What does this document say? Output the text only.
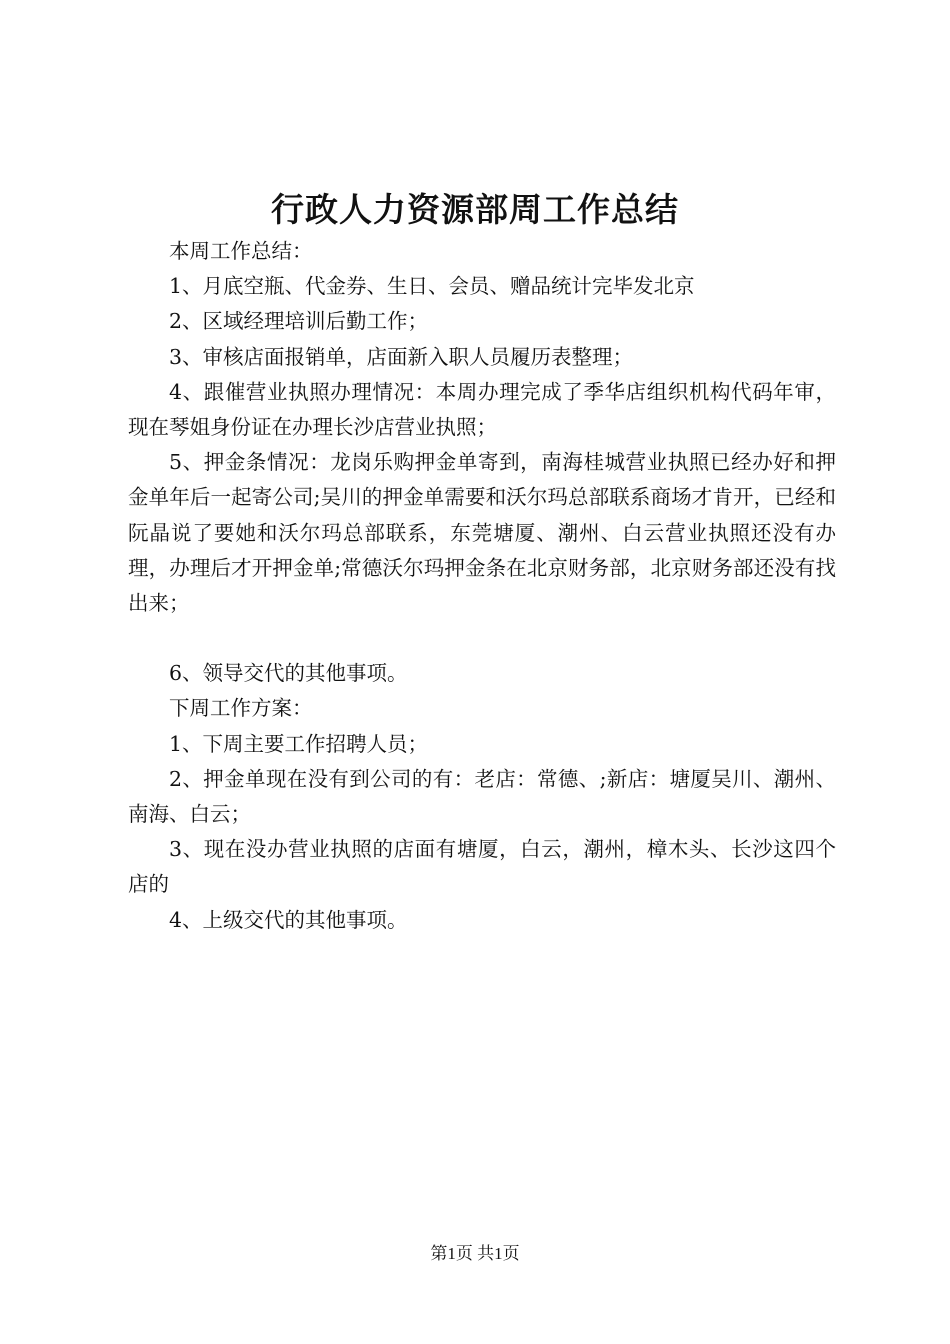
行政人力资源部周工作总结

本周工作总结：

1、月底空瓶、代金券、生日、会员、赠品统计完毕发北京

2、区域经理培训后勤工作；

3、审核店面报销单，店面新入职人员履历表整理；

4、跟催营业执照办理情况：本周办理完成了季华店组织机构代码年审，现在琴姐身份证在办理长沙店营业执照；

5、押金条情况：龙岗乐购押金单寄到，南海桂城营业执照已经办好和押金单年后一起寄公司;吴川的押金单需要和沃尔玛总部联系商场才肯开，已经和阮晶说了要她和沃尔玛总部联系，东莞塘厦、潮州、白云营业执照还没有办理，办理后才开押金单;常德沃尔玛押金条在北京财务部，北京财务部还没有找出来；

6、领导交代的其他事项。

下周工作方案：

1、下周主要工作招聘人员；

2、押金单现在没有到公司的有：老店：常德、;新店：塘厦吴川、潮州、南海、白云；

3、现在没办营业执照的店面有塘厦，白云，潮州，樟木头、长沙这四个店的

4、上级交代的其他事项。

第1页 共1页
